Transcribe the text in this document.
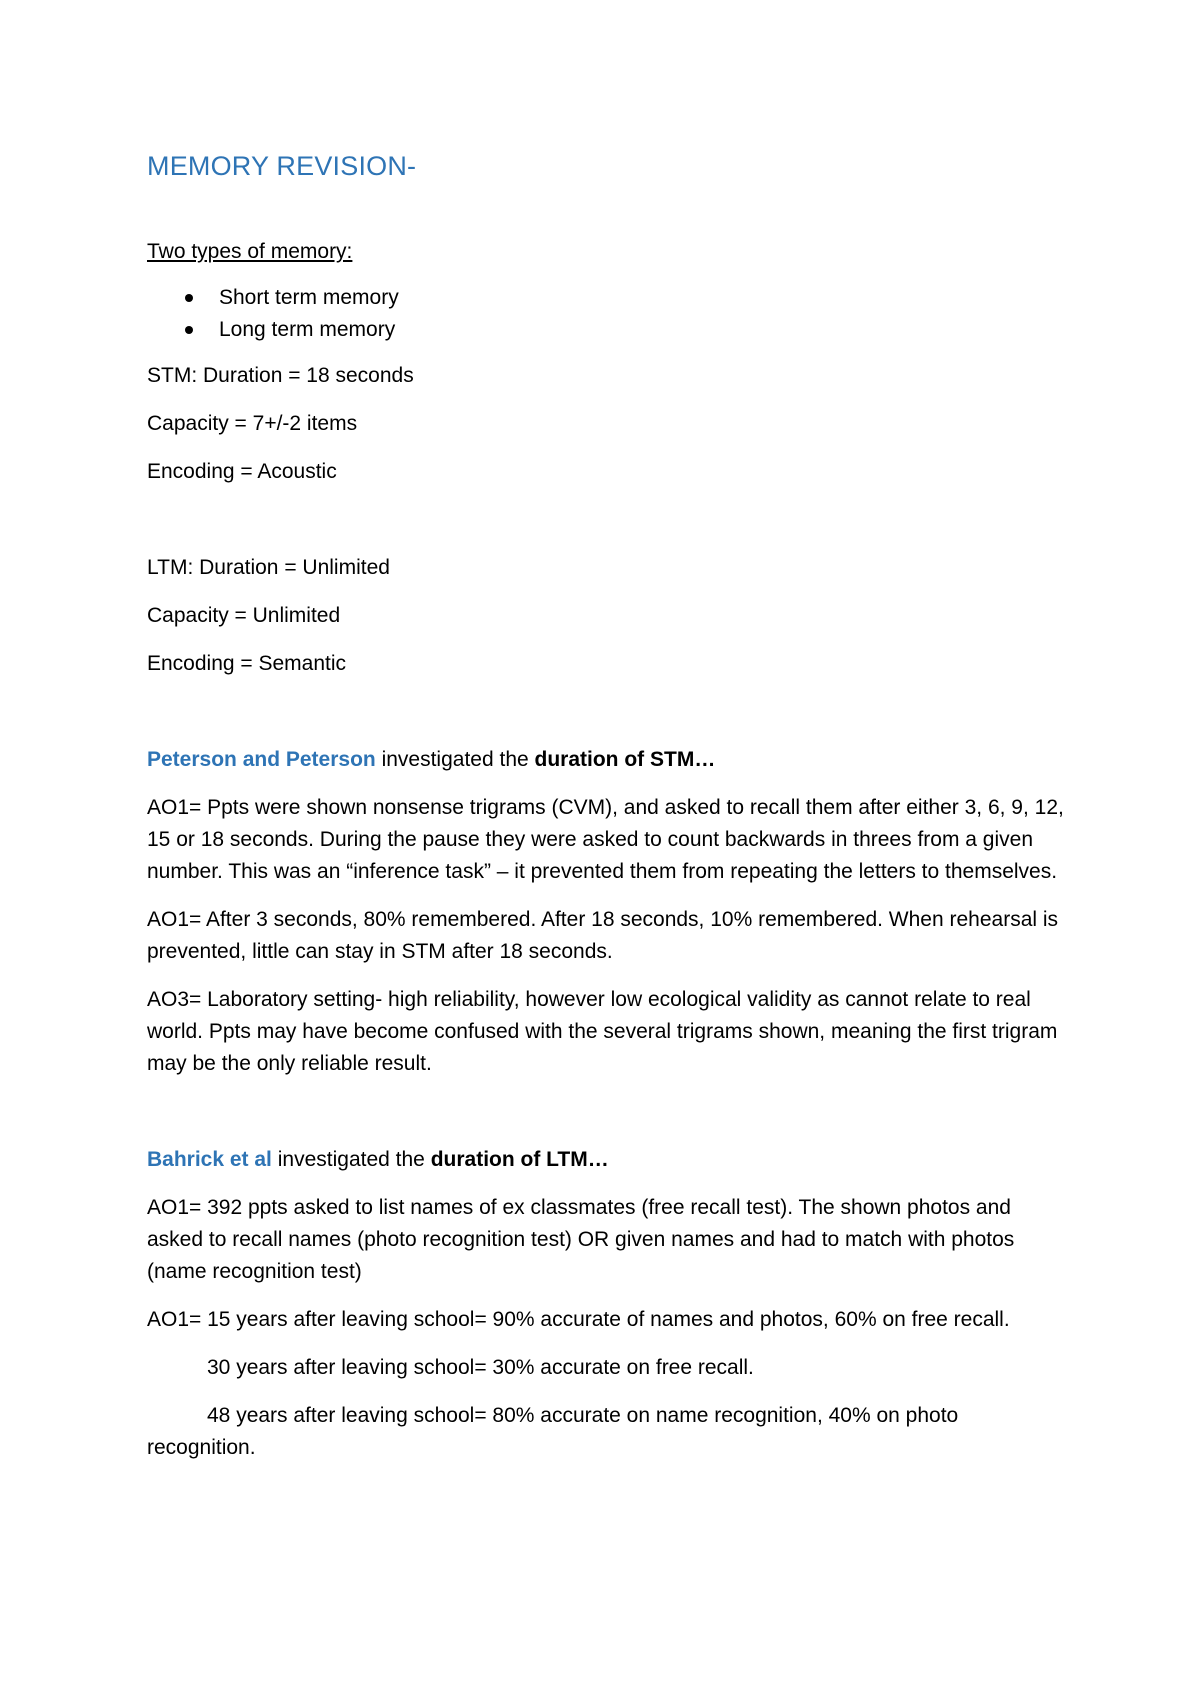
MEMORY REVISION-
Two types of memory:
Short term memory
Long term memory

STM: Duration = 18 seconds

Capacity = 7+/-2 items

Encoding = Acoustic

LTM: Duration = Unlimited

Capacity = Unlimited

Encoding = Semantic

Peterson and Peterson investigated the duration of STM…

AO1= Ppts were shown nonsense trigrams (CVM), and asked to recall them after either 3, 6, 9, 12, 15 or 18 seconds. During the pause they were asked to count backwards in threes from a given number. This was an “inference task” – it prevented them from repeating the letters to themselves.

AO1= After 3 seconds, 80% remembered. After 18 seconds, 10% remembered. When rehearsal is prevented, little can stay in STM after 18 seconds.

AO3= Laboratory setting- high reliability, however low ecological validity as cannot relate to real world. Ppts may have become confused with the several trigrams shown, meaning the first trigram may be the only reliable result.

Bahrick et al investigated the duration of LTM…

AO1= 392 ppts asked to list names of ex classmates (free recall test). The shown photos and asked to recall names (photo recognition test) OR given names and had to match with photos (name recognition test)

AO1= 15 years after leaving school= 90% accurate of names and photos, 60% on free recall.

30 years after leaving school= 30% accurate on free recall.

48 years after leaving school= 80% accurate on name recognition, 40% on photo recognition.
